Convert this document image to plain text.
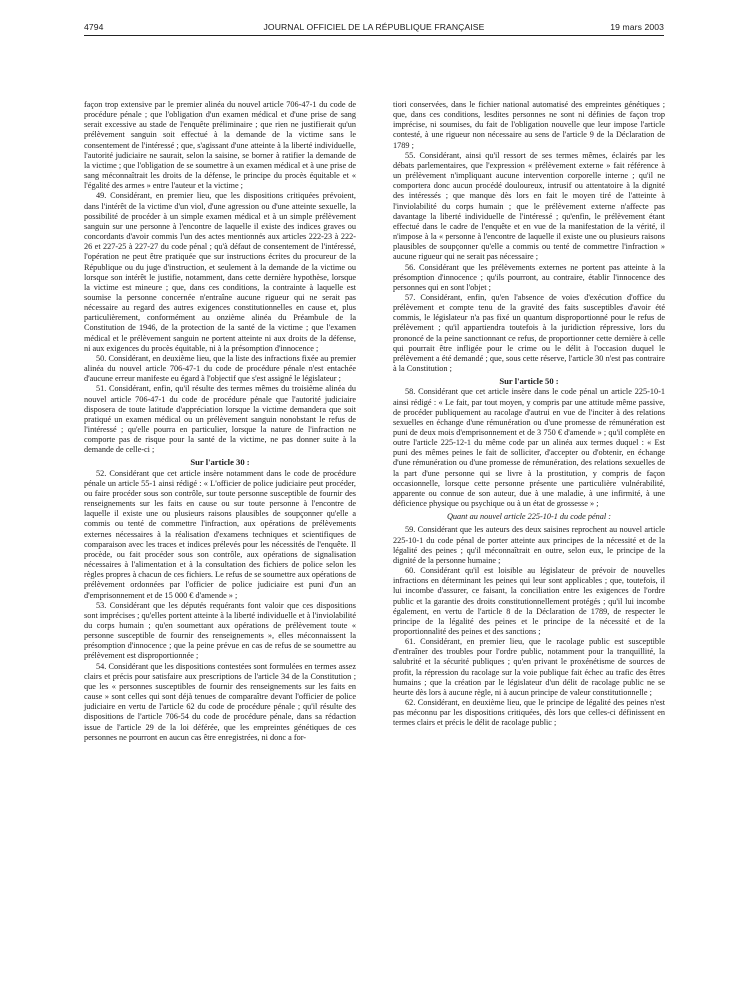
4794	JOURNAL OFFICIEL DE LA RÉPUBLIQUE FRANÇAISE	19 mars 2003

façon trop extensive par le premier alinéa du nouvel article 706-47-1 du code de procédure pénale ; que l'obligation d'un examen médical et d'une prise de sang serait excessive au stade de l'enquête préliminaire ; que rien ne justifierait qu'un prélèvement sanguin soit effectué à la demande de la victime sans le consentement de l'intéressé ; que, s'agissant d'une atteinte à la liberté individuelle, l'autorité judiciaire ne saurait, selon la saisine, se borner à ratifier la demande de la victime ; que l'obligation de se soumettre à un examen médical et à une prise de sang méconnaîtrait les droits de la défense, le principe du procès équitable et « l'égalité des armes » entre l'auteur et la victime ;

49. Considérant, en premier lieu, que les dispositions critiquées prévoient, dans l'intérêt de la victime d'un viol, d'une agression ou d'une atteinte sexuelle, la possibilité de procéder à un simple examen médical et à un simple prélèvement sanguin sur une personne à l'encontre de laquelle il existe des indices graves ou concordants d'avoir commis l'un des actes mentionnés aux articles 222-23 à 222-26 et 227-25 à 227-27 du code pénal ; qu'à défaut de consentement de l'intéressé, l'opération ne peut être pratiquée que sur instructions écrites du procureur de la République ou du juge d'instruction, et seulement à la demande de la victime ou lorsque son intérêt le justifie, notamment, dans cette dernière hypothèse, lorsque la victime est mineure ; que, dans ces conditions, la contrainte à laquelle est soumise la personne concernée n'entraîne aucune rigueur qui ne serait pas nécessaire au regard des autres exigences constitutionnelles en cause et, plus particulièrement, conformément au onzième alinéa du Préambule de la Constitution de 1946, de la protection de la santé de la victime ; que l'examen médical et le prélèvement sanguin ne portent atteinte ni aux droits de la défense, ni aux exigences du procès équitable, ni à la présomption d'innocence ;

50. Considérant, en deuxième lieu, que la liste des infractions fixée au premier alinéa du nouvel article 706-47-1 du code de procédure pénale n'est entachée d'aucune erreur manifeste eu égard à l'objectif que s'est assigné le législateur ;

51. Considérant, enfin, qu'il résulte des termes mêmes du troisième alinéa du nouvel article 706-47-1 du code de procédure pénale que l'autorité judiciaire disposera de toute latitude d'appréciation lorsque la victime demandera que soit pratiqué un examen médical ou un prélèvement sanguin nonobstant le refus de l'intéressé ; qu'elle pourra en particulier, lorsque la nature de l'infraction ne comporte pas de risque pour la santé de la victime, ne pas donner suite à la demande de celle-ci ;

Sur l'article 30 :

52. Considérant que cet article insère notamment dans le code de procédure pénale un article 55-1 ainsi rédigé : « L'officier de police judiciaire peut procéder, ou faire procéder sous son contrôle, sur toute personne susceptible de fournir des renseignements sur les faits en cause ou sur toute personne à l'encontre de laquelle il existe une ou plusieurs raisons plausibles de soupçonner qu'elle a commis ou tenté de commettre l'infraction, aux opérations de prélèvements externes nécessaires à la réalisation d'examens techniques et scientifiques de comparaison avec les traces et indices prélevés pour les nécessités de l'enquête. Il procède, ou fait procéder sous son contrôle, aux opérations de signalisation nécessaires à l'alimentation et à la consultation des fichiers de police selon les règles propres à chacun de ces fichiers. Le refus de se soumettre aux opérations de prélèvement ordonnées par l'officier de police judiciaire est puni d'un an d'emprisonnement et de 15 000 € d'amende » ;

53. Considérant que les députés requérants font valoir que ces dispositions sont imprécises ; qu'elles portent atteinte à la liberté individuelle et à l'inviolabilité du corps humain ; qu'en soumettant aux opérations de prélèvement toute « personne susceptible de fournir des renseignements », elles méconnaissent la présomption d'innocence ; que la peine prévue en cas de refus de se soumettre au prélèvement est disproportionnée ;

54. Considérant que les dispositions contestées sont formulées en termes assez clairs et précis pour satisfaire aux prescriptions de l'article 34 de la Constitution ; que les « personnes susceptibles de fournir des renseignements sur les faits en cause » sont celles qui sont déjà tenues de comparaître devant l'officier de police judiciaire en vertu de l'article 62 du code de procédure pénale ; qu'il résulte des dispositions de l'article 706-54 du code de procédure pénale, dans sa rédaction issue de l'article 29 de la loi déférée, que les empreintes génétiques de ces personnes ne pourront en aucun cas être enregistrées, ni donc a for-

tiori conservées, dans le fichier national automatisé des empreintes génétiques ; que, dans ces conditions, lesdites personnes ne sont ni définies de façon trop imprécise, ni soumises, du fait de l'obligation nouvelle que leur impose l'article contesté, à une rigueur non nécessaire au sens de l'article 9 de la Déclaration de 1789 ;

55. Considérant, ainsi qu'il ressort de ses termes mêmes, éclairés par les débats parlementaires, que l'expression « prélèvement externe » fait référence à un prélèvement n'impliquant aucune intervention corporelle interne ; qu'il ne comportera donc aucun procédé douloureux, intrusif ou attentatoire à la dignité des intéressés ; que manque dès lors en fait le moyen tiré de l'atteinte à l'inviolabilité du corps humain ; que le prélèvement externe n'affecte pas davantage la liberté individuelle de l'intéressé ; qu'enfin, le prélèvement étant effectué dans le cadre de l'enquête et en vue de la manifestation de la vérité, il n'impose à la « personne à l'encontre de laquelle il existe une ou plusieurs raisons plausibles de soupçonner qu'elle a commis ou tenté de commettre l'infraction » aucune rigueur qui ne serait pas nécessaire ;

56. Considérant que les prélèvements externes ne portent pas atteinte à la présomption d'innocence ; qu'ils pourront, au contraire, établir l'innocence des personnes qui en sont l'objet ;

57. Considérant, enfin, qu'en l'absence de voies d'exécution d'office du prélèvement et compte tenu de la gravité des faits susceptibles d'avoir été commis, le législateur n'a pas fixé un quantum disproportionné pour le refus de prélèvement ; qu'il appartiendra toutefois à la juridiction répressive, lors du prononcé de la peine sanctionnant ce refus, de proportionner cette dernière à celle qui pourrait être infligée pour le crime ou le délit à l'occasion duquel le prélèvement a été demandé ; que, sous cette réserve, l'article 30 n'est pas contraire à la Constitution ;

Sur l'article 50 :

58. Considérant que cet article insère dans le code pénal un article 225-10-1 ainsi rédigé : « Le fait, par tout moyen, y compris par une attitude même passive, de procéder publiquement au racolage d'autrui en vue de l'inciter à des relations sexuelles en échange d'une rémunération ou d'une promesse de rémunération est puni de deux mois d'emprisonnement et de 3 750 € d'amende » ; qu'il complète en outre l'article 225-12-1 du même code par un alinéa aux termes duquel : « Est puni des mêmes peines le fait de solliciter, d'accepter ou d'obtenir, en échange d'une rémunération ou d'une promesse de rémunération, des relations sexuelles de la part d'une personne qui se livre à la prostitution, y compris de façon occasionnelle, lorsque cette personne présente une particulière vulnérabilité, apparente ou connue de son auteur, due à une maladie, à une infirmité, à une déficience physique ou psychique ou à un état de grossesse » ;

Quant au nouvel article 225-10-1 du code pénal :

59. Considérant que les auteurs des deux saisines reprochent au nouvel article 225-10-1 du code pénal de porter atteinte aux principes de la nécessité et de la légalité des peines ; qu'il méconnaîtrait en outre, selon eux, le principe de la dignité de la personne humaine ;

60. Considérant qu'il est loisible au législateur de prévoir de nouvelles infractions en déterminant les peines qui leur sont applicables ; que, toutefois, il lui incombe d'assurer, ce faisant, la conciliation entre les exigences de l'ordre public et la garantie des droits constitutionnellement protégés ; qu'il lui incombe également, en vertu de l'article 8 de la Déclaration de 1789, de respecter le principe de la légalité des peines et le principe de la nécessité et de la proportionnalité des peines et des sanctions ;

61. Considérant, en premier lieu, que le racolage public est susceptible d'entraîner des troubles pour l'ordre public, notamment pour la tranquillité, la salubrité et la sécurité publiques ; qu'en privant le proxénétisme de sources de profit, la répression du racolage sur la voie publique fait échec au trafic des êtres humains ; que la création par le législateur d'un délit de racolage public ne se heurte dès lors à aucune règle, ni à aucun principe de valeur constitutionnelle ;

62. Considérant, en deuxième lieu, que le principe de légalité des peines n'est pas méconnu par les dispositions critiquées, dès lors que celles-ci définissent en termes clairs et précis le délit de racolage public ;
